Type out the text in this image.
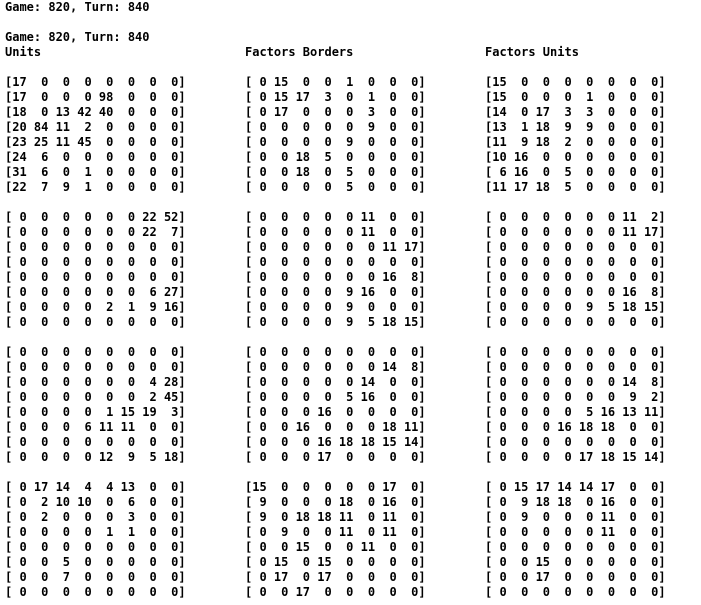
Game: 820, Turn: 840
Game: 820, Turn: 840
Units	Factors Borders	Factors Units
[17  0  0  0  0  0  0  0]
[17  0  0  0 98  0  0  0]
[18  0 13 42 40  0  0  0]
[20 84 11  2  0  0  0  0]
[23 25 11 45  0  0  0  0]
[24  6  0  0  0  0  0  0]
[31  6  0  1  0  0  0  0]
[22  7  9  1  0  0  0  0]
[ 0 15  0  0  1  0  0  0]
[ 0 15 17  3  0  1  0  0]
[ 0 17  0  0  0  3  0  0]
[ 0  0  0  0  0  9  0  0]
[ 0  0  0  0  9  0  0  0]
[ 0  0 18  5  0  0  0  0]
[ 0  0 18  0  5  0  0  0]
[ 0  0  0  0  5  0  0  0]
[15  0  0  0  0  0  0  0]
[15  0  0  0  1  0  0  0]
[14  0 17  3  3  0  0  0]
[13  1 18  9  9  0  0  0]
[11  9 18  2  0  0  0  0]
[10 16  0  0  0  0  0  0]
[ 6 16  0  5  0  0  0  0]
[11 17 18  5  0  0  0  0]
[ 0  0  0  0  0  0 22 52]
[ 0  0  0  0  0  0 22  7]
[ 0  0  0  0  0  0  0  0]
[ 0  0  0  0  0  0  0  0]
[ 0  0  0  0  0  0  0  0]
[ 0  0  0  0  0  0  6 27]
[ 0  0  0  0  2  1  9 16]
[ 0  0  0  0  0  0  0  0]
[ 0  0  0  0  0 11  0  0]
[ 0  0  0  0  0 11  0  0]
[ 0  0  0  0  0  0 11 17]
[ 0  0  0  0  0  0  0  0]
[ 0  0  0  0  0  0 16  8]
[ 0  0  0  0  9 16  0  0]
[ 0  0  0  0  9  0  0  0]
[ 0  0  0  0  9  5 18 15]
[ 0  0  0  0  0  0 11  2]
[ 0  0  0  0  0  0 11 17]
[ 0  0  0  0  0  0  0  0]
[ 0  0  0  0  0  0  0  0]
[ 0  0  0  0  0  0  0  0]
[ 0  0  0  0  0  0 16  8]
[ 0  0  0  0  9  5 18 15]
[ 0  0  0  0  0  0  0  0]
[ 0  0  0  0  0  0  0  0]
[ 0  0  0  0  0  0  0  0]
[ 0  0  0  0  0  0  4 28]
[ 0  0  0  0  0  0  2 45]
[ 0  0  0  0  1 15 19  3]
[ 0  0  0  6 11 11  0  0]
[ 0  0  0  0  0  0  0  0]
[ 0  0  0  0 12  9  5 18]
[ 0  0  0  0  0  0  0  0]
[ 0  0  0  0  0  0 14  8]
[ 0  0  0  0  0 14  0  0]
[ 0  0  0  0  5 16  0  0]
[ 0  0  0 16  0  0  0  0]
[ 0  0 16  0  0  0 18 11]
[ 0  0  0 16 18 18 15 14]
[ 0  0  0 17  0  0  0  0]
[ 0  0  0  0  0  0  0  0]
[ 0  0  0  0  0  0  0  0]
[ 0  0  0  0  0  0 14  8]
[ 0  0  0  0  0  0  9  2]
[ 0  0  0  0  5 16 13 11]
[ 0  0  0 16 18 18  0  0]
[ 0  0  0  0  0  0  0  0]
[ 0  0  0  0 17 18 15 14]
[ 0 17 14  4  4 13  0  0]
[ 0  2 10 10  0  6  0  0]
[ 0  2  0  0  0  3  0  0]
[ 0  0  0  0  1  1  0  0]
[ 0  0  0  0  0  0  0  0]
[ 0  0  5  0  0  0  0  0]
[ 0  0  7  0  0  0  0  0]
[ 0  0  0  0  0  0  0  0]
[15  0  0  0  0  0 17  0]
[ 9  0  0  0 18  0 16  0]
[ 9  0 18 18 11  0 11  0]
[ 0  9  0  0 11  0 11  0]
[ 0  0 15  0  0 11  0  0]
[ 0 15  0 15  0  0  0  0]
[ 0 17  0 17  0  0  0  0]
[ 0  0 17  0  0  0  0  0]
[ 0 15 17 14 14 17  0  0]
[ 0  9 18 18  0 16  0  0]
[ 0  9  0  0  0 11  0  0]
[ 0  0  0  0  0 11  0  0]
[ 0  0  0  0  0  0  0  0]
[ 0  0 15  0  0  0  0  0]
[ 0  0 17  0  0  0  0  0]
[ 0  0  0  0  0  0  0  0]
